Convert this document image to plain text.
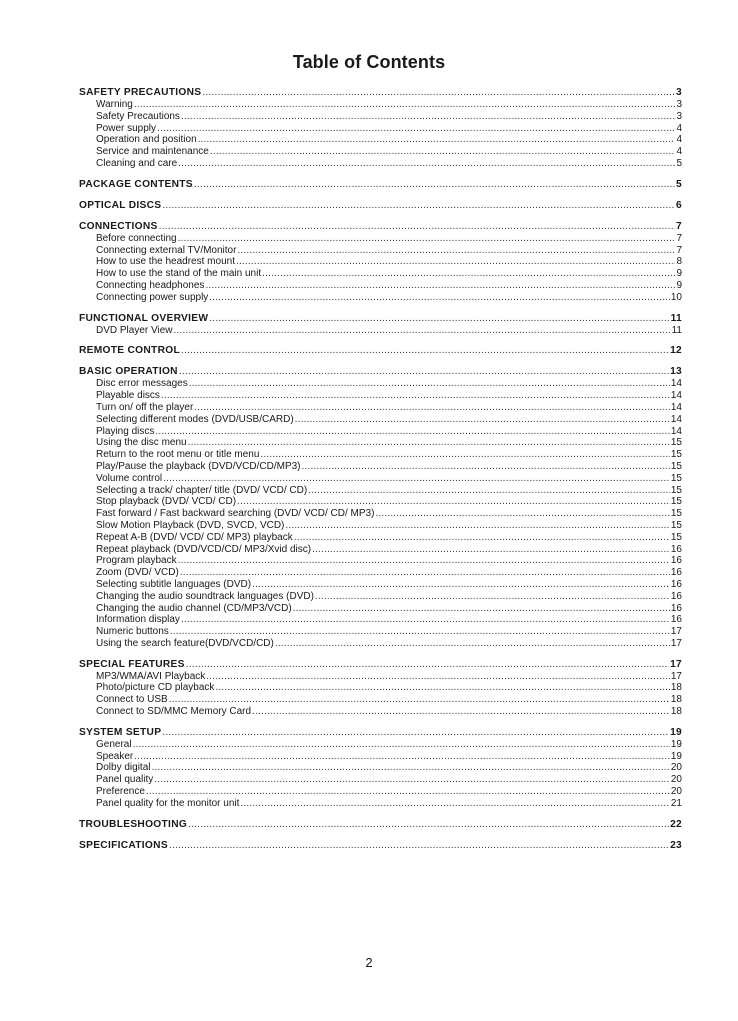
Table of Contents
SAFETY PRECAUTIONS .....	3
Warning .....	3
Safety Precautions .....	3
Power supply .....	4
Operation and position .....	4
Service and maintenance .....	4
Cleaning and care .....	5
PACKAGE CONTENTS .....	5
OPTICAL DISCS .....	6
CONNECTIONS .....	7
Before connecting .....	7
Connecting external TV/Monitor .....	7
How to use the headrest mount .....	8
How to use the stand of the main unit .....	9
Connecting headphones .....	9
Connecting power supply .....	10
FUNCTIONAL OVERVIEW .....	11
DVD Player View .....	11
REMOTE CONTROL .....	12
BASIC OPERATION .....	13
Disc error messages .....	14
Playable discs .....	14
Turn on/ off the player .....	14
Selecting different modes (DVD/USB/CARD) .....	14
Playing discs .....	14
Using the disc menu .....	15
Return to the root menu or title menu .....	15
Play/Pause the playback (DVD/VCD/CD/MP3) .....	15
Volume control .....	15
Selecting a track/ chapter/ title (DVD/ VCD/ CD) .....	15
Stop playback (DVD/ VCD/ CD) .....	15
Fast forward / Fast backward searching (DVD/ VCD/ CD/ MP3) .....	15
Slow Motion Playback (DVD, SVCD, VCD) .....	15
Repeat A-B (DVD/ VCD/ CD/ MP3) playback .....	15
Repeat playback (DVD/VCD/CD/ MP3/Xvid disc) .....	16
Program playback .....	16
Zoom (DVD/ VCD) .....	16
Selecting subtitle languages (DVD) .....	16
Changing the audio soundtrack languages (DVD) .....	16
Changing the audio channel (CD/MP3/VCD) .....	16
Information display .....	16
Numeric buttons .....	17
Using the search feature(DVD/VCD/CD) .....	17
SPECIAL FEATURES .....	17
MP3/WMA/AVI Playback .....	17
Photo/picture CD playback .....	18
Connect to USB .....	18
Connect to SD/MMC Memory Card .....	18
SYSTEM SETUP .....	19
General .....	19
Speaker .....	19
Dolby digital .....	20
Panel quality .....	20
Preference .....	20
Panel quality for the monitor unit .....	21
TROUBLESHOOTING .....	22
SPECIFICATIONS .....	23
2
